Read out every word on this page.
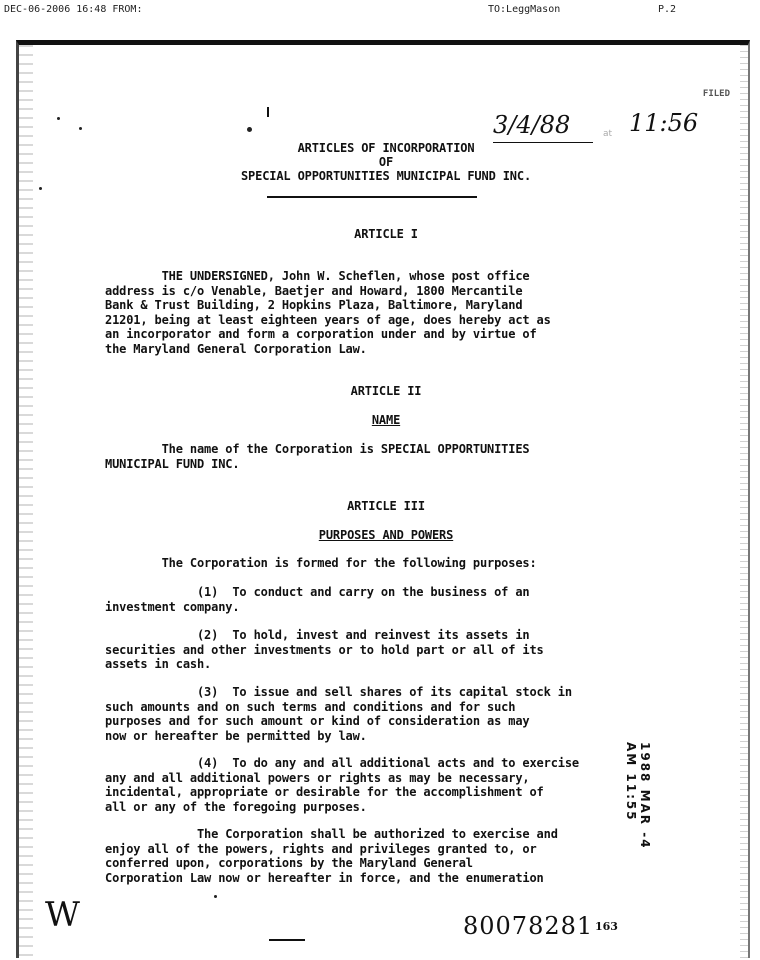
DEC-06-2006 16:48 FROM:	TO:LeggMason	P.2
FILED
ARTICLES OF INCORPORATION
OF
SPECIAL OPPORTUNITIES MUNICIPAL FUND INC.
3/4/88	at 11:56
ARTICLE I
THE UNDERSIGNED, John W. Scheflen, whose post office
address is c/o Venable, Baetjer and Howard, 1800 Mercantile
Bank & Trust Building, 2 Hopkins Plaza, Baltimore, Maryland
21201, being at least eighteen years of age, does hereby act as
an incorporator and form a corporation under and by virtue of
the Maryland General Corporation Law.
ARTICLE II
NAME
The name of the Corporation is SPECIAL OPPORTUNITIES
MUNICIPAL FUND INC.
ARTICLE III
PURPOSES AND POWERS
The Corporation is formed for the following purposes:
(1)  To conduct and carry on the business of an
investment company.
(2)  To hold, invest and reinvest its assets in
securities and other investments or to hold part or all of its
assets in cash.
(3)  To issue and sell shares of its capital stock in
such amounts and on such terms and conditions and for such
purposes and for such amount or kind of consideration as may
now or hereafter be permitted by law.
(4)  To do any and all additional acts and to exercise
any and all additional powers or rights as may be necessary,
incidental, appropriate or desirable for the accomplishment of
all or any of the foregoing purposes.
The Corporation shall be authorized to exercise and
enjoy all of the powers, rights and privileges granted to, or
conferred upon, corporations by the Maryland General
Corporation Law now or hereafter in force, and the enumeration
W
1988 MAR -4 AM 11:55
80078281 163
